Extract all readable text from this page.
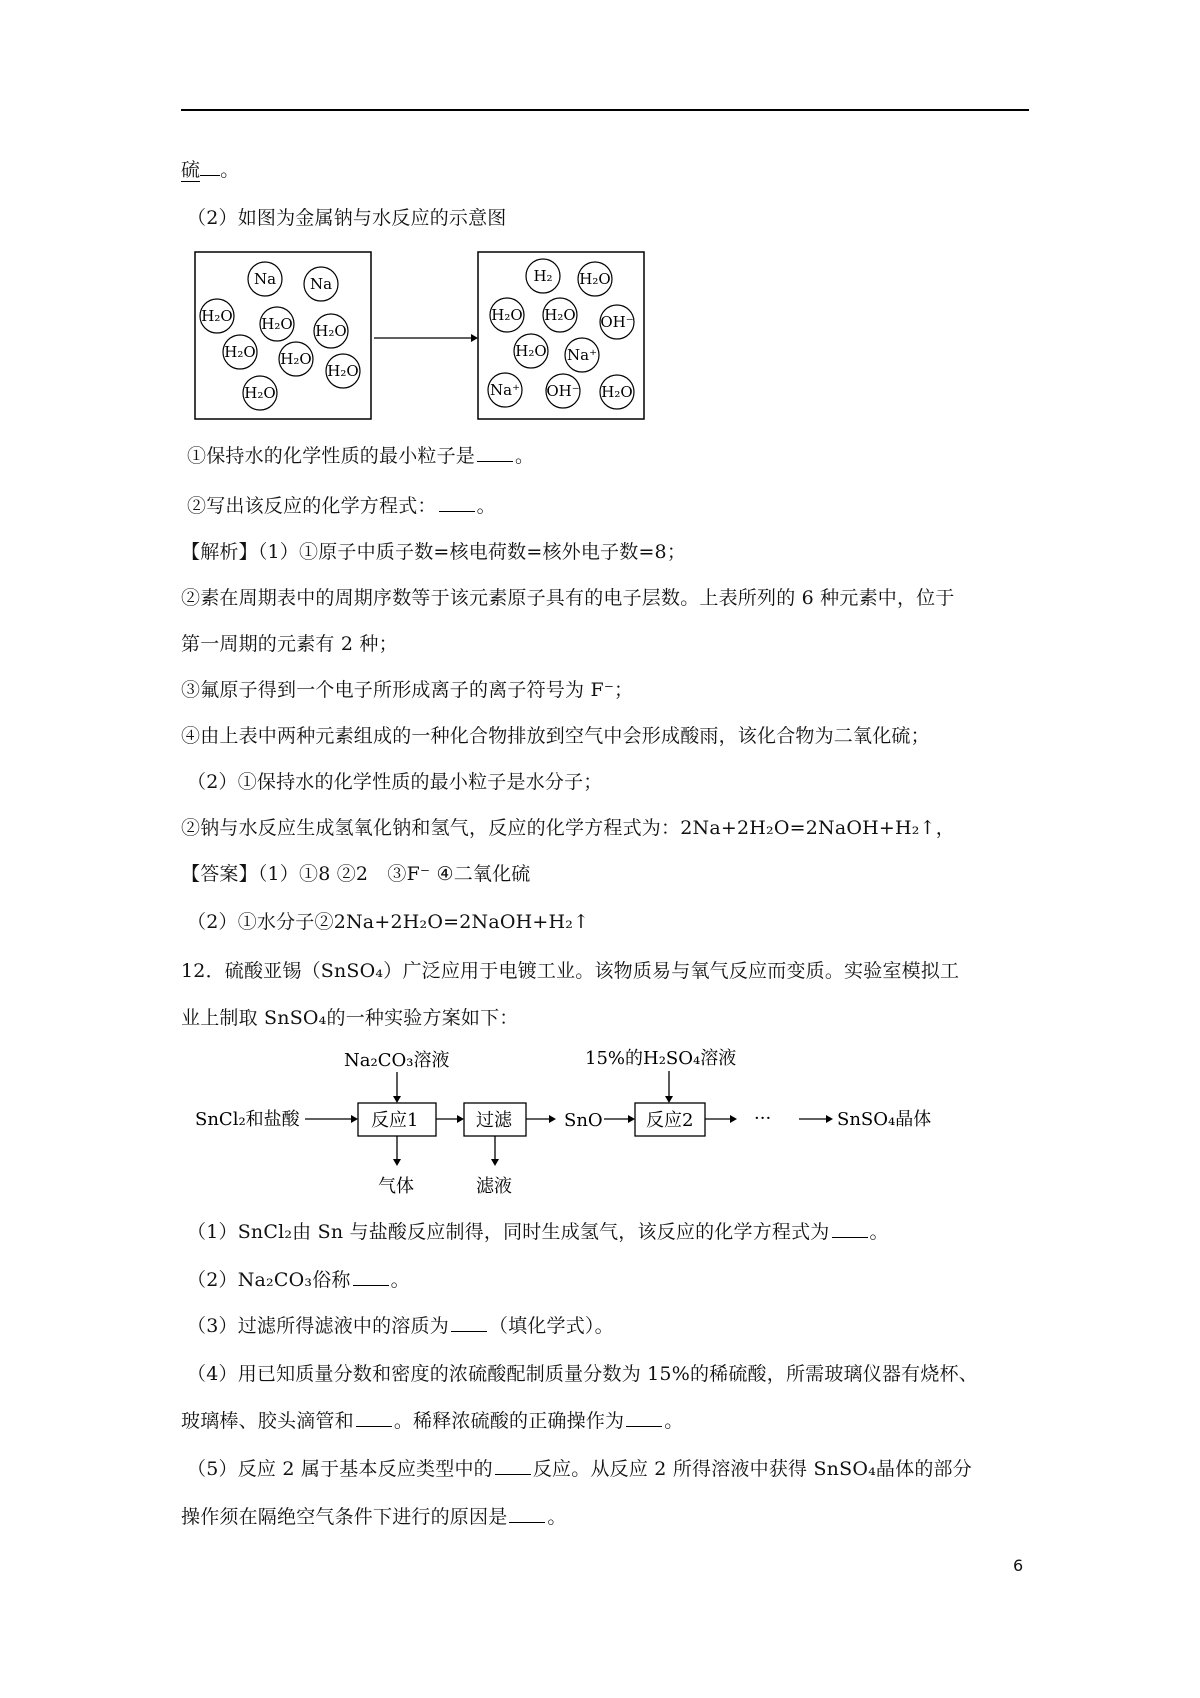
硫 。
（2）如图为金属钠与水反应的示意图
Na Na
H₂O H₂O H₂O
H₂O H₂O
H₂O
H₂O
H₂ H₂O
H₂O H₂O OH⁻
H₂O Na⁺
Na⁺ OH⁻ H₂O
①保持水的化学性质的最小粒子是 。
②写出该反应的化学方程式： 。
【解析】（1）①原子中质子数=核电荷数=核外电子数=8；
②素在周期表中的周期序数等于该元素原子具有的电子层数。上表所列的 6 种元素中，位于
第一周期的元素有 2 种；
③氟原子得到一个电子所形成离子的离子符号为 F⁻；
④由上表中两种元素组成的一种化合物排放到空气中会形成酸雨，该化合物为二氧化硫；
（2）①保持水的化学性质的最小粒子是水分子；
②钠与水反应生成氢氧化钠和氢气，反应的化学方程式为：2Na+2H₂O=2NaOH+H₂↑，
【答案】（1）①8 ②2　③F⁻ ④二氧化硫
（2）①水分子②2Na+2H₂O=2NaOH+H₂↑
12．硫酸亚锡（SnSO₄）广泛应用于电镀工业。该物质易与氧气反应而变质。实验室模拟工
业上制取 SnSO₄的一种实验方案如下：
SnCl₂和盐酸	反应1
Na₂CO₃溶液
气体
过滤
滤液
SnO 反应2
15%的H₂SO₄溶液
···	SnSO₄晶体
（1）SnCl₂由 Sn 与盐酸反应制得，同时生成氢气，该反应的化学方程式为 。
（2）Na₂CO₃俗称 。
（3）过滤所得滤液中的溶质为 （填化学式）。
（4）用已知质量分数和密度的浓硫酸配制质量分数为 15%的稀硫酸，所需玻璃仪器有烧杯、
玻璃棒、胶头滴管和 。稀释浓硫酸的正确操作为 。
（5）反应 2 属于基本反应类型中的 反应。从反应 2 所得溶液中获得 SnSO₄晶体的部分
操作须在隔绝空气条件下进行的原因是 。
6
